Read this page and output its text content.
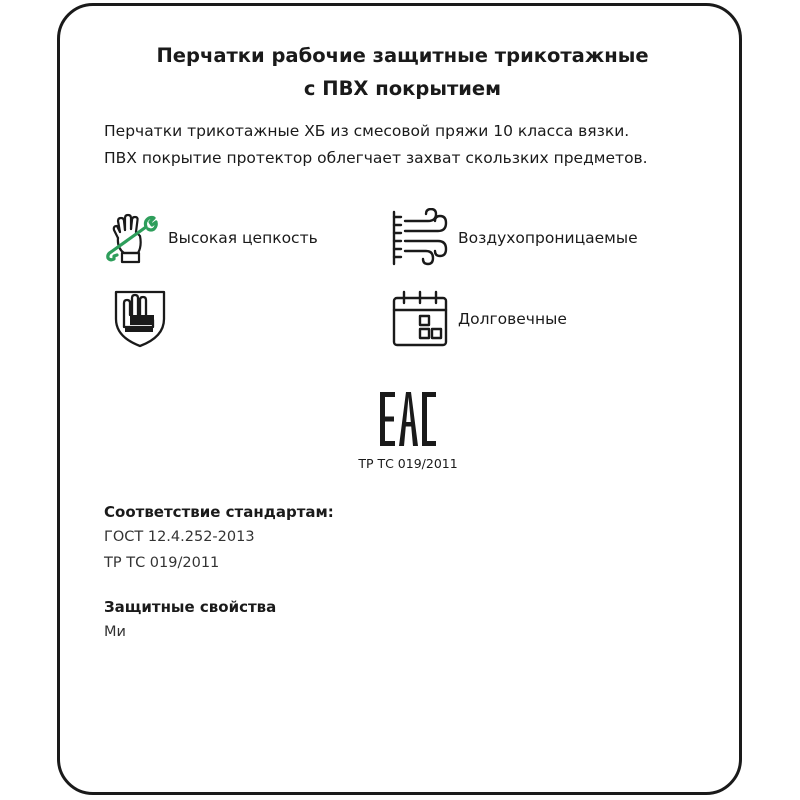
Перчатки рабочие защитные трикотажные
с ПВХ покрытием
Перчатки трикотажные ХБ из смесовой пряжи 10 класса вязки.
ПВХ покрытие протектор облегчает захват скользких предметов.
Высокая цепкость	Воздухопроницаемые
Долговечные
ТР ТС 019/2011
Соответствие стандартам:

ГОСТ 12.4.252-2013

ТР ТС 019/2011

Защитные свойства

Ми
